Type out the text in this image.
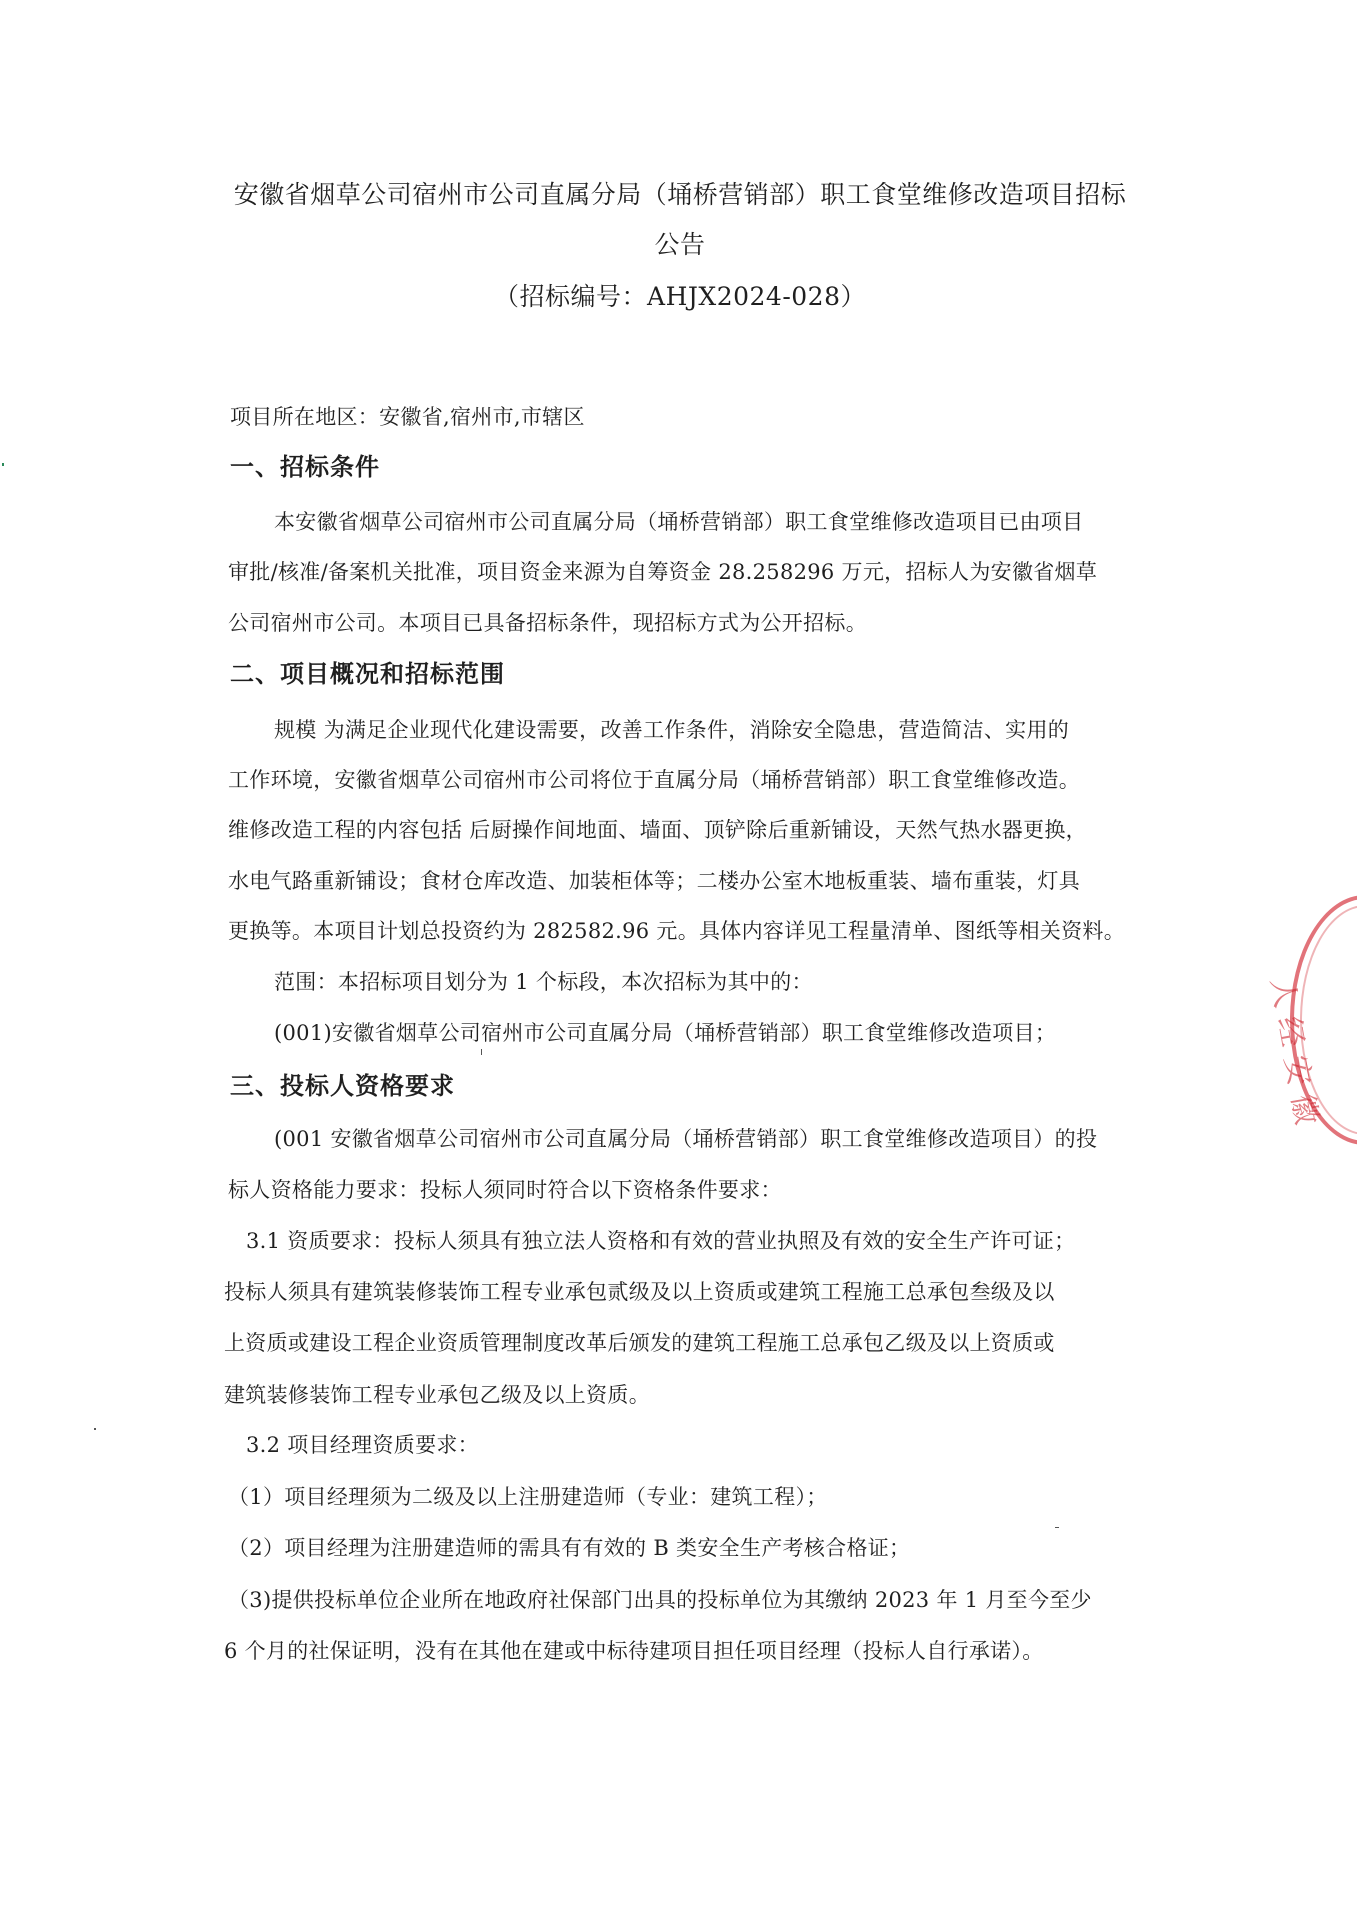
安徽省烟草公司宿州市公司直属分局（埇桥营销部）职工食堂维修改造项目招标
公告
（招标编号：AHJX2024-028）
项目所在地区：安徽省,宿州市,市辖区
一、招标条件
本安徽省烟草公司宿州市公司直属分局（埇桥营销部）职工食堂维修改造项目已由项目
审批/核准/备案机关批准，项目资金来源为自筹资金 28.258296 万元，招标人为安徽省烟草
公司宿州市公司。本项目已具备招标条件，现招标方式为公开招标。
二、项目概况和招标范围
规模 为满足企业现代化建设需要，改善工作条件，消除安全隐患，营造简洁、实用的
工作环境，安徽省烟草公司宿州市公司将位于直属分局（埇桥营销部）职工食堂维修改造。
维修改造工程的内容包括 后厨操作间地面、墙面、顶铲除后重新铺设，天然气热水器更换，
水电气路重新铺设；食材仓库改造、加装柜体等；二楼办公室木地板重装、墙布重装，灯具
更换等。本项目计划总投资约为 282582.96 元。具体内容详见工程量清单、图纸等相关资料。
范围：本招标项目划分为 1 个标段，本次招标为其中的：
(001)安徽省烟草公司宿州市公司直属分局（埇桥营销部）职工食堂维修改造项目；
三、投标人资格要求
(001 安徽省烟草公司宿州市公司直属分局（埇桥营销部）职工食堂维修改造项目）的投
标人资格能力要求：投标人须同时符合以下资格条件要求：
3.1 资质要求：投标人须具有独立法人资格和有效的营业执照及有效的安全生产许可证；
投标人须具有建筑装修装饰工程专业承包贰级及以上资质或建筑工程施工总承包叁级及以
上资质或建设工程企业资质管理制度改革后颁发的建筑工程施工总承包乙级及以上资质或
建筑装修装饰工程专业承包乙级及以上资质。
3.2 项目经理资质要求：
（1）项目经理须为二级及以上注册建造师（专业：建筑工程）；
（2）项目经理为注册建造师的需具有有效的 B 类安全生产考核合格证；
（3)提供投标单位企业所在地政府社保部门出具的投标单位为其缴纳 2023 年 1 月至今至少
6 个月的社保证明，没有在其他在建或中标待建项目担任项目经理（投标人自行承诺）。
人 经 安 徽
